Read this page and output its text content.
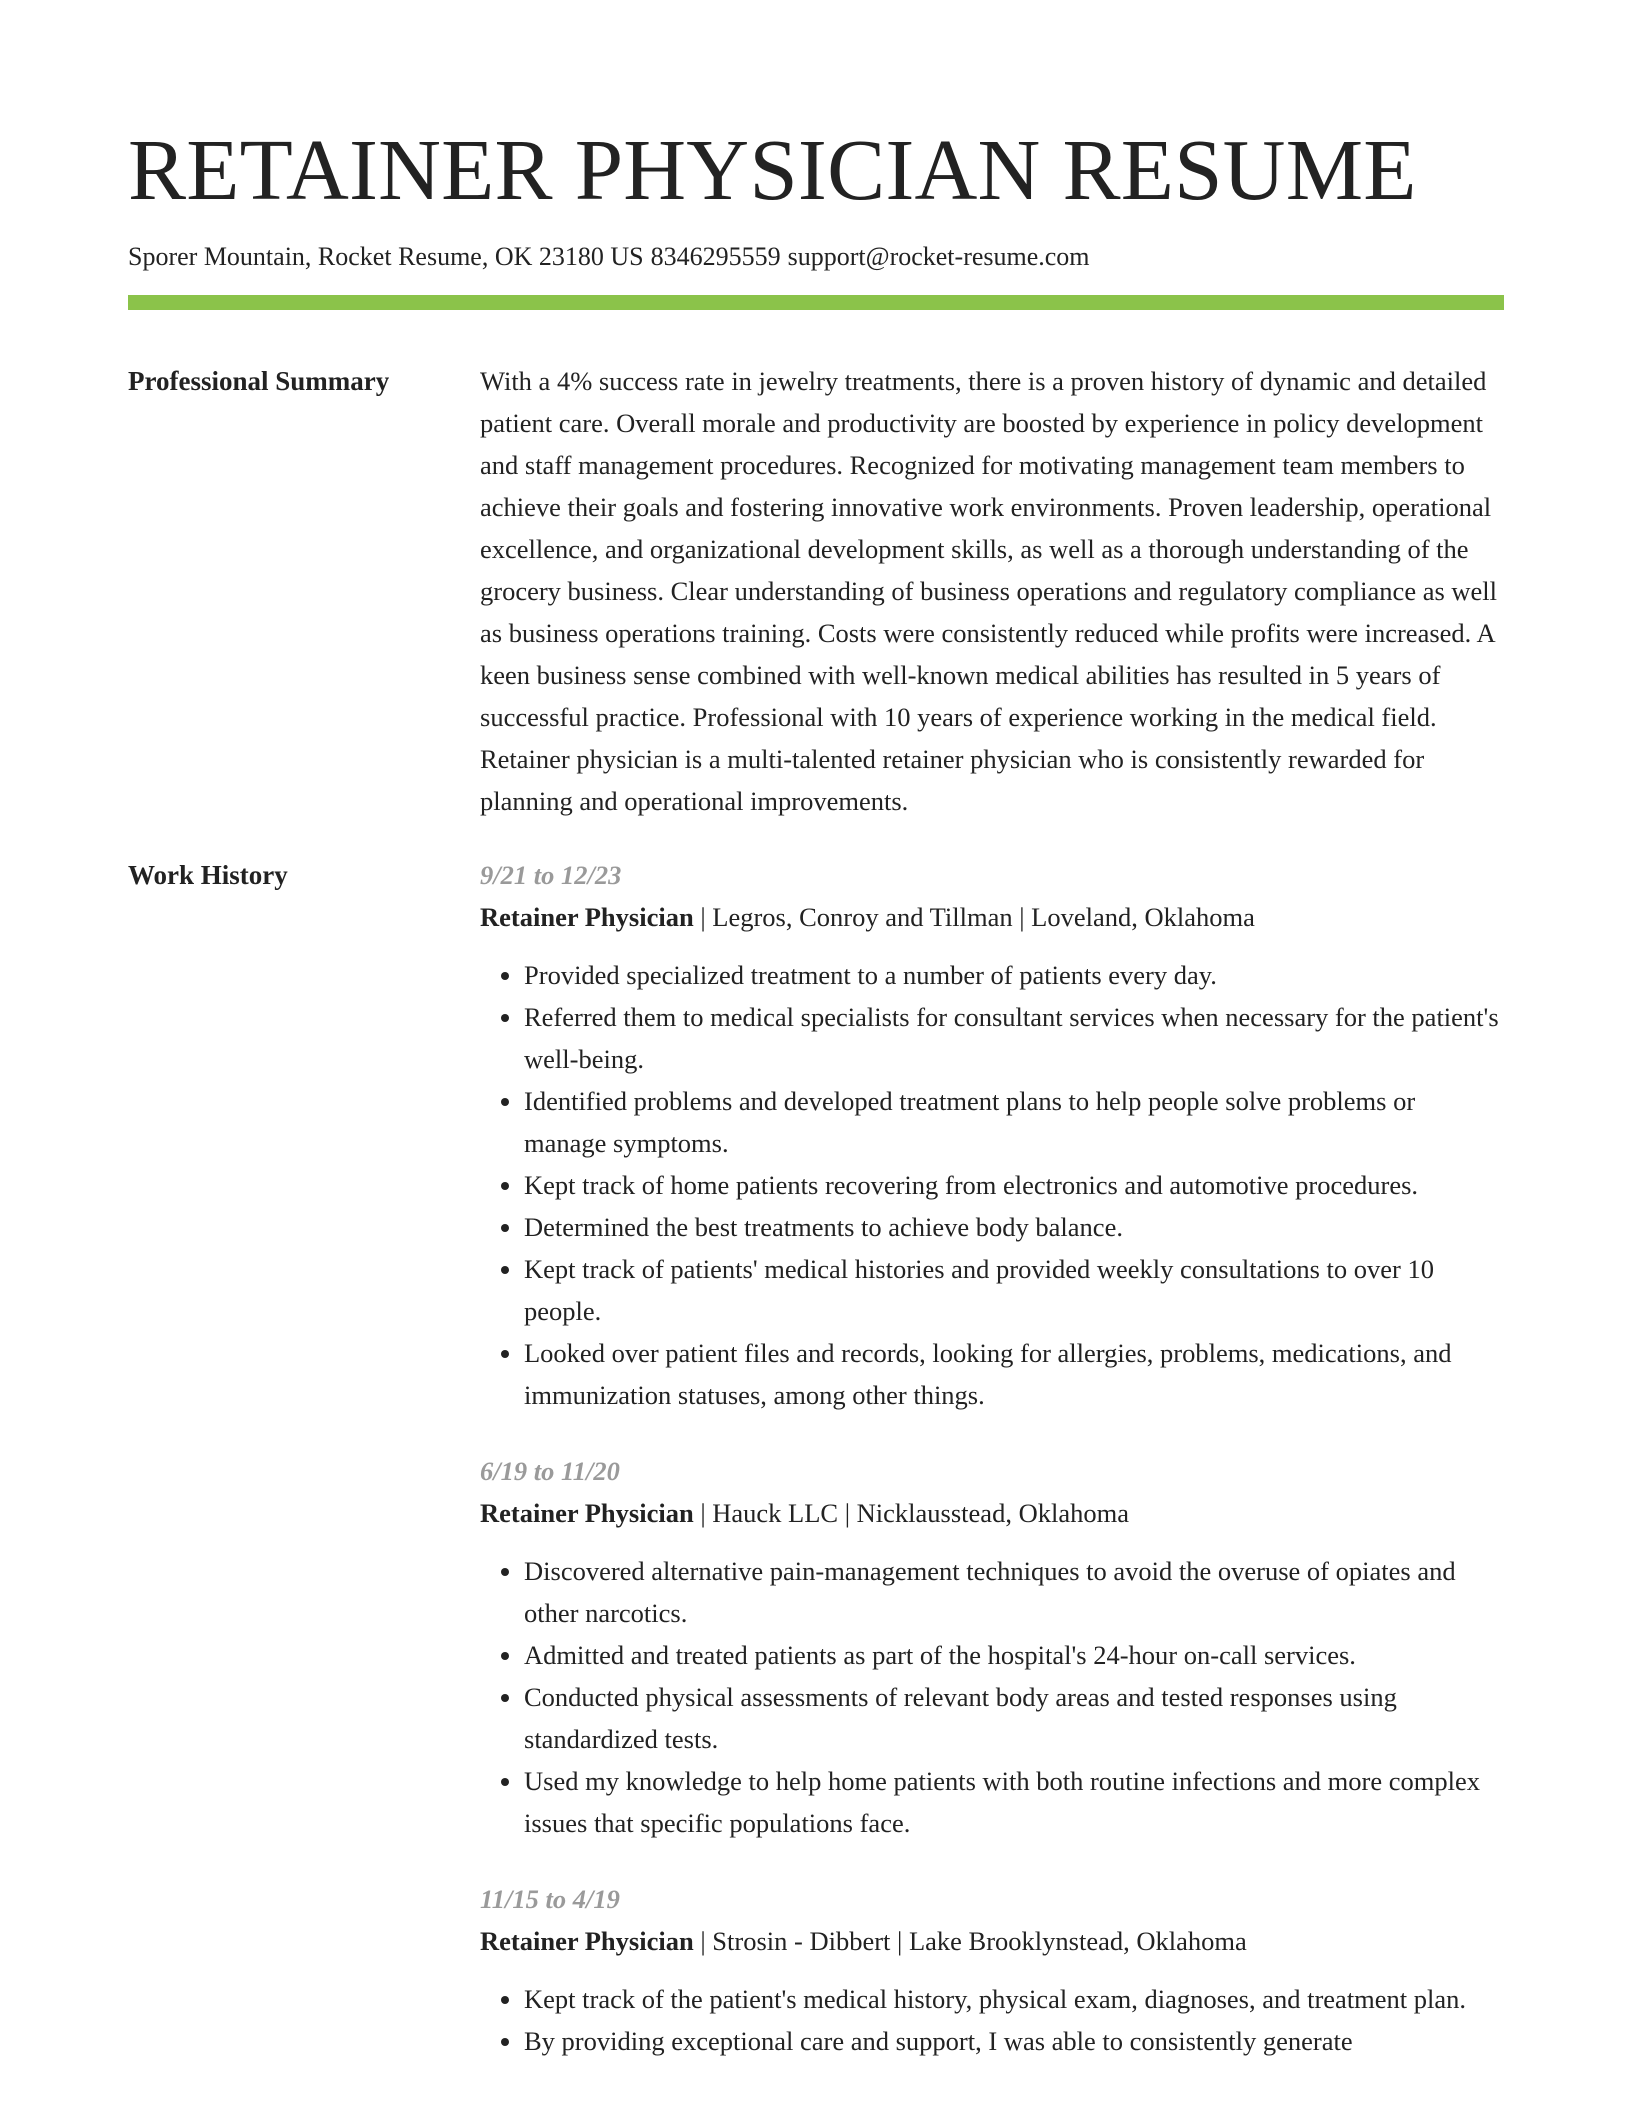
RETAINER PHYSICIAN RESUME
Sporer Mountain, Rocket Resume, OK 23180 US 8346295559 support@rocket-resume.com
Professional Summary	With a 4% success rate in jewelry treatments, there is a proven history of dynamic and detailed patient care. Overall morale and productivity are boosted by experience in policy development and staff management procedures. Recognized for motivating management team members to achieve their goals and fostering innovative work environments. Proven leadership, operational excellence, and organizational development skills, as well as a thorough understanding of the grocery business. Clear understanding of business operations and regulatory compliance as well as business operations training. Costs were consistently reduced while profits were increased. A keen business sense combined with well-known medical abilities has resulted in 5 years of successful practice. Professional with 10 years of experience working in the medical field. Retainer physician is a multi-talented retainer physician who is consistently rewarded for planning and operational improvements.

Work History	9/21 to 12/23

Retainer Physician | Legros, Conroy and Tillman | Loveland, Oklahoma

• Provided specialized treatment to a number of patients every day.
• Referred them to medical specialists for consultant services when necessary for the patient's well-being.
• Identified problems and developed treatment plans to help people solve problems or manage symptoms.
• Kept track of home patients recovering from electronics and automotive procedures.
• Determined the best treatments to achieve body balance.
• Kept track of patients' medical histories and provided weekly consultations to over 10 people.
• Looked over patient files and records, looking for allergies, problems, medications, and immunization statuses, among other things.

6/19 to 11/20

Retainer Physician | Hauck LLC | Nicklausstead, Oklahoma

• Discovered alternative pain-management techniques to avoid the overuse of opiates and other narcotics.
• Admitted and treated patients as part of the hospital's 24-hour on-call services.
• Conducted physical assessments of relevant body areas and tested responses using standardized tests.
• Used my knowledge to help home patients with both routine infections and more complex issues that specific populations face.

11/15 to 4/19

Retainer Physician | Strosin - Dibbert | Lake Brooklynstead, Oklahoma

• Kept track of the patient's medical history, physical exam, diagnoses, and treatment plan.
• By providing exceptional care and support, I was able to consistently generate
